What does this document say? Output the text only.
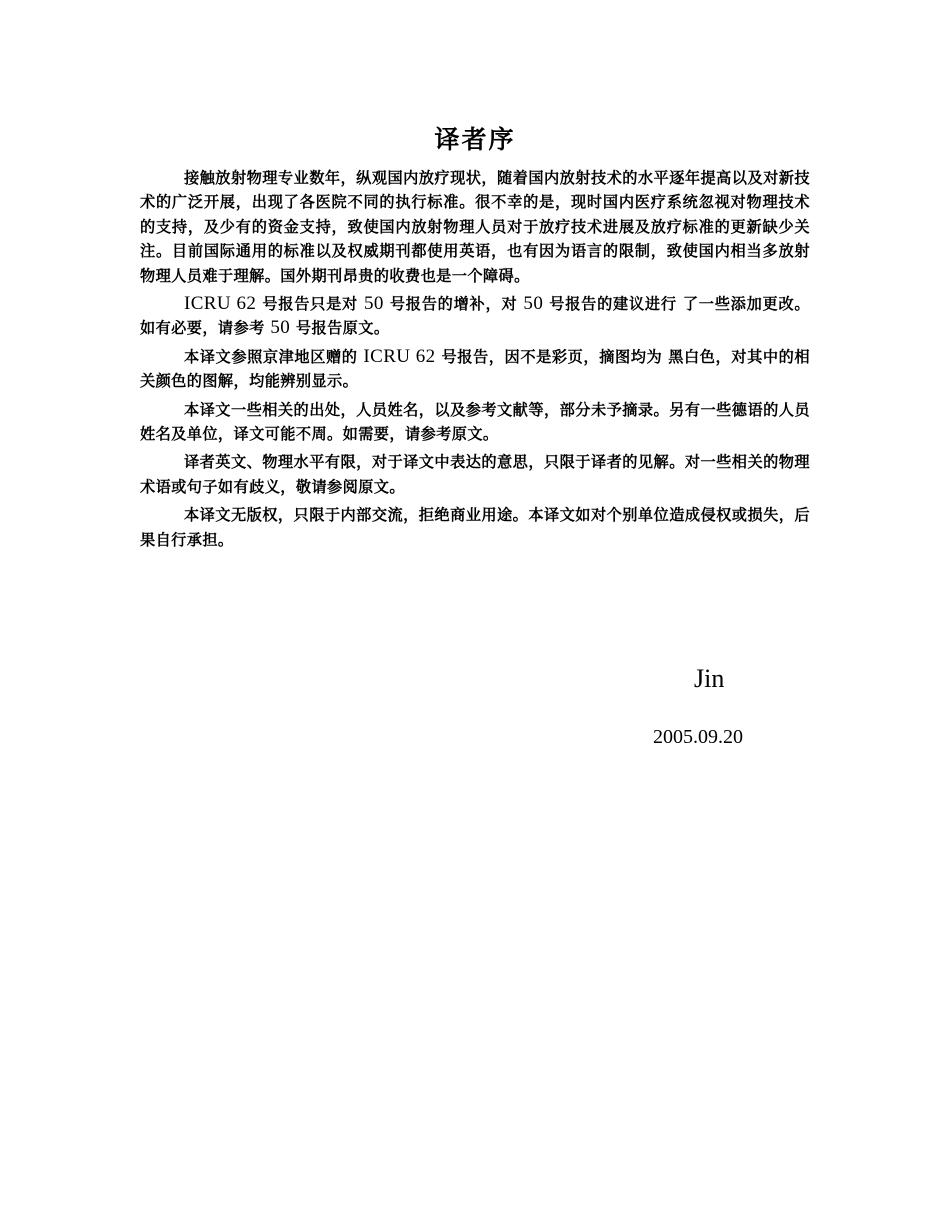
译者序

接触放射物理专业数年，纵观国内放疗现状，随着国内放射技术的水平逐年提高以及对新技术的广泛开展，出现了各医院不同的执行标准。很不幸的是，现时国内医疗系统忽视对物理技术的支持，及少有的资金支持，致使国内放射物理人员对于放疗技术进展及放疗标准的更新缺少关注。目前国际通用的标准以及权威期刊都使用英语，也有因为语言的限制，致使国内相当多放射物理人员难于理解。国外期刊昂贵的收费也是一个障碍。

ICRU 62 号报告只是对 50 号报告的增补，对 50 号报告的建议进行 了一些添加更改。如有必要，请参考 50 号报告原文。

本译文参照京津地区赠的 ICRU 62 号报告，因不是彩页，摘图均为 黑白色，对其中的相关颜色的图解，均能辨别显示。

本译文一些相关的出处，人员姓名，以及参考文献等，部分未予摘录。另有一些德语的人员姓名及单位，译文可能不周。如需要，请参考原文。

译者英文、物理水平有限，对于译文中表达的意思，只限于译者的见解。对一些相关的物理术语或句子如有歧义，敬请参阅原文。

本译文无版权，只限于内部交流，拒绝商业用途。本译文如对个别单位造成侵权或损失，后果自行承担。

Jin

2005.09.20
